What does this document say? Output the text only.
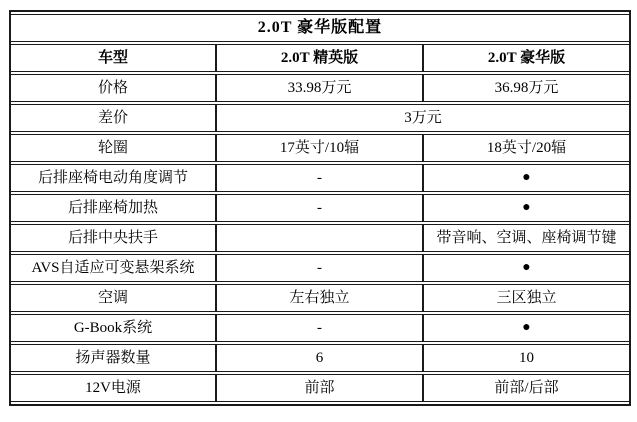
2.0T 豪华版配置		
车型	2.0T 精英版	2.0T 豪华版
价格	33.98万元	36.98万元
差价	3万元	
轮圈	17英寸/10辐	18英寸/20辐
后排座椅电动角度调节	-	●
后排座椅加热	-	●
后排中央扶手		带音响、空调、座椅调节键
AVS自适应可变悬架系统	-	●
空调	左右独立	三区独立
G-Book系统	-	●
扬声器数量	6	10
12V电源	前部	前部/后部
